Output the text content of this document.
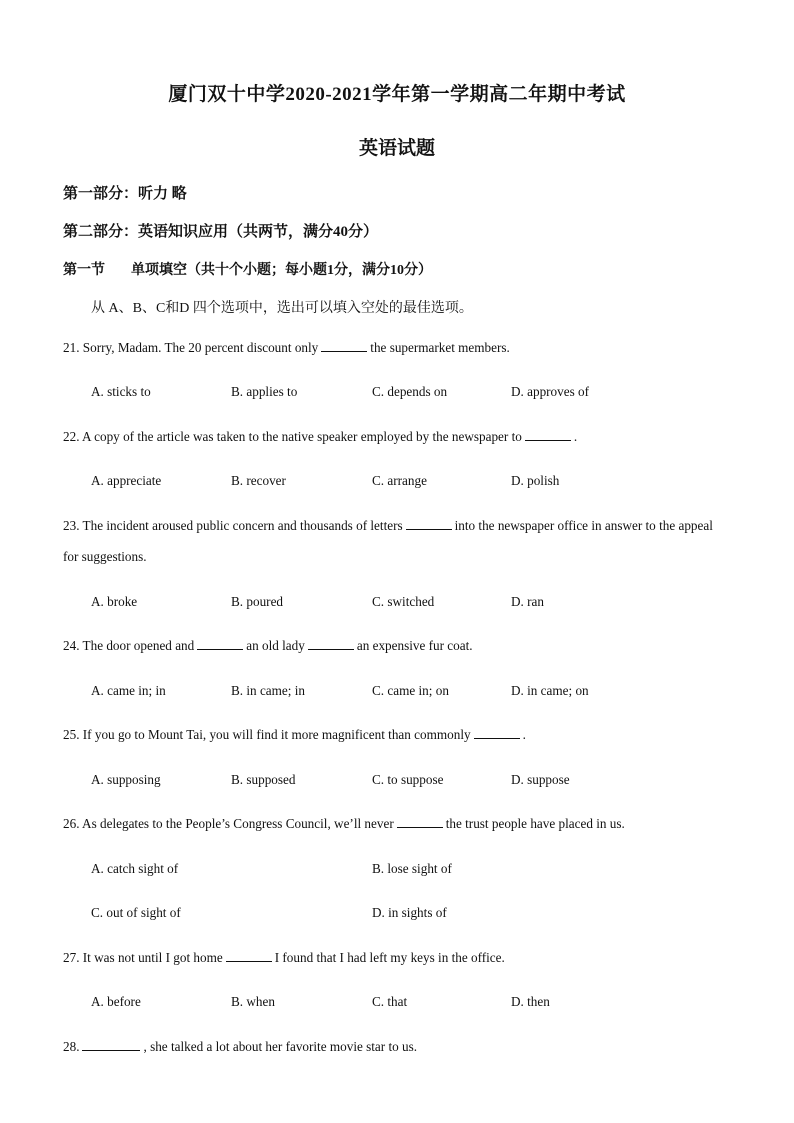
厦门双十中学2020-2021学年第一学期高二年期中考试
英语试题
第一部分：听力 略
第二部分：英语知识应用（共两节，满分40分）
第一节 单项填空（共十个小题；每小题1分，满分10分）
从 A、B、C和D 四个选项中，选出可以填入空处的最佳选项。
21. Sorry, Madam. The 20 percent discount only	the supermarket members.
A. sticks to	B. applies to	C. depends on	D. approves of
22. A copy of the article was taken to the native speaker employed by the newspaper to	.
A. appreciate	B. recover	C. arrange	D. polish
23. The incident aroused public concern and thousands of letters	into the newspaper office in answer to the appeal for suggestions.
A. broke	B. poured	C. switched	D. ran
24. The door opened and	an old lady	an expensive fur coat.
A. came in; in	B. in came; in	C. came in; on	D. in came; on
25. If you go to Mount Tai, you will find it more magnificent than commonly	.
A. supposing	B. supposed	C. to suppose	D. suppose
26. As delegates to the People’s Congress Council, we’ll never	the trust people have placed in us.
A. catch sight of	B. lose sight of
C. out of sight of	D. in sights of
27. It was not until I got home	I found that I had left my keys in the office.
A. before	B. when	C. that	D. then
28.	, she talked a lot about her favorite movie star to us.
